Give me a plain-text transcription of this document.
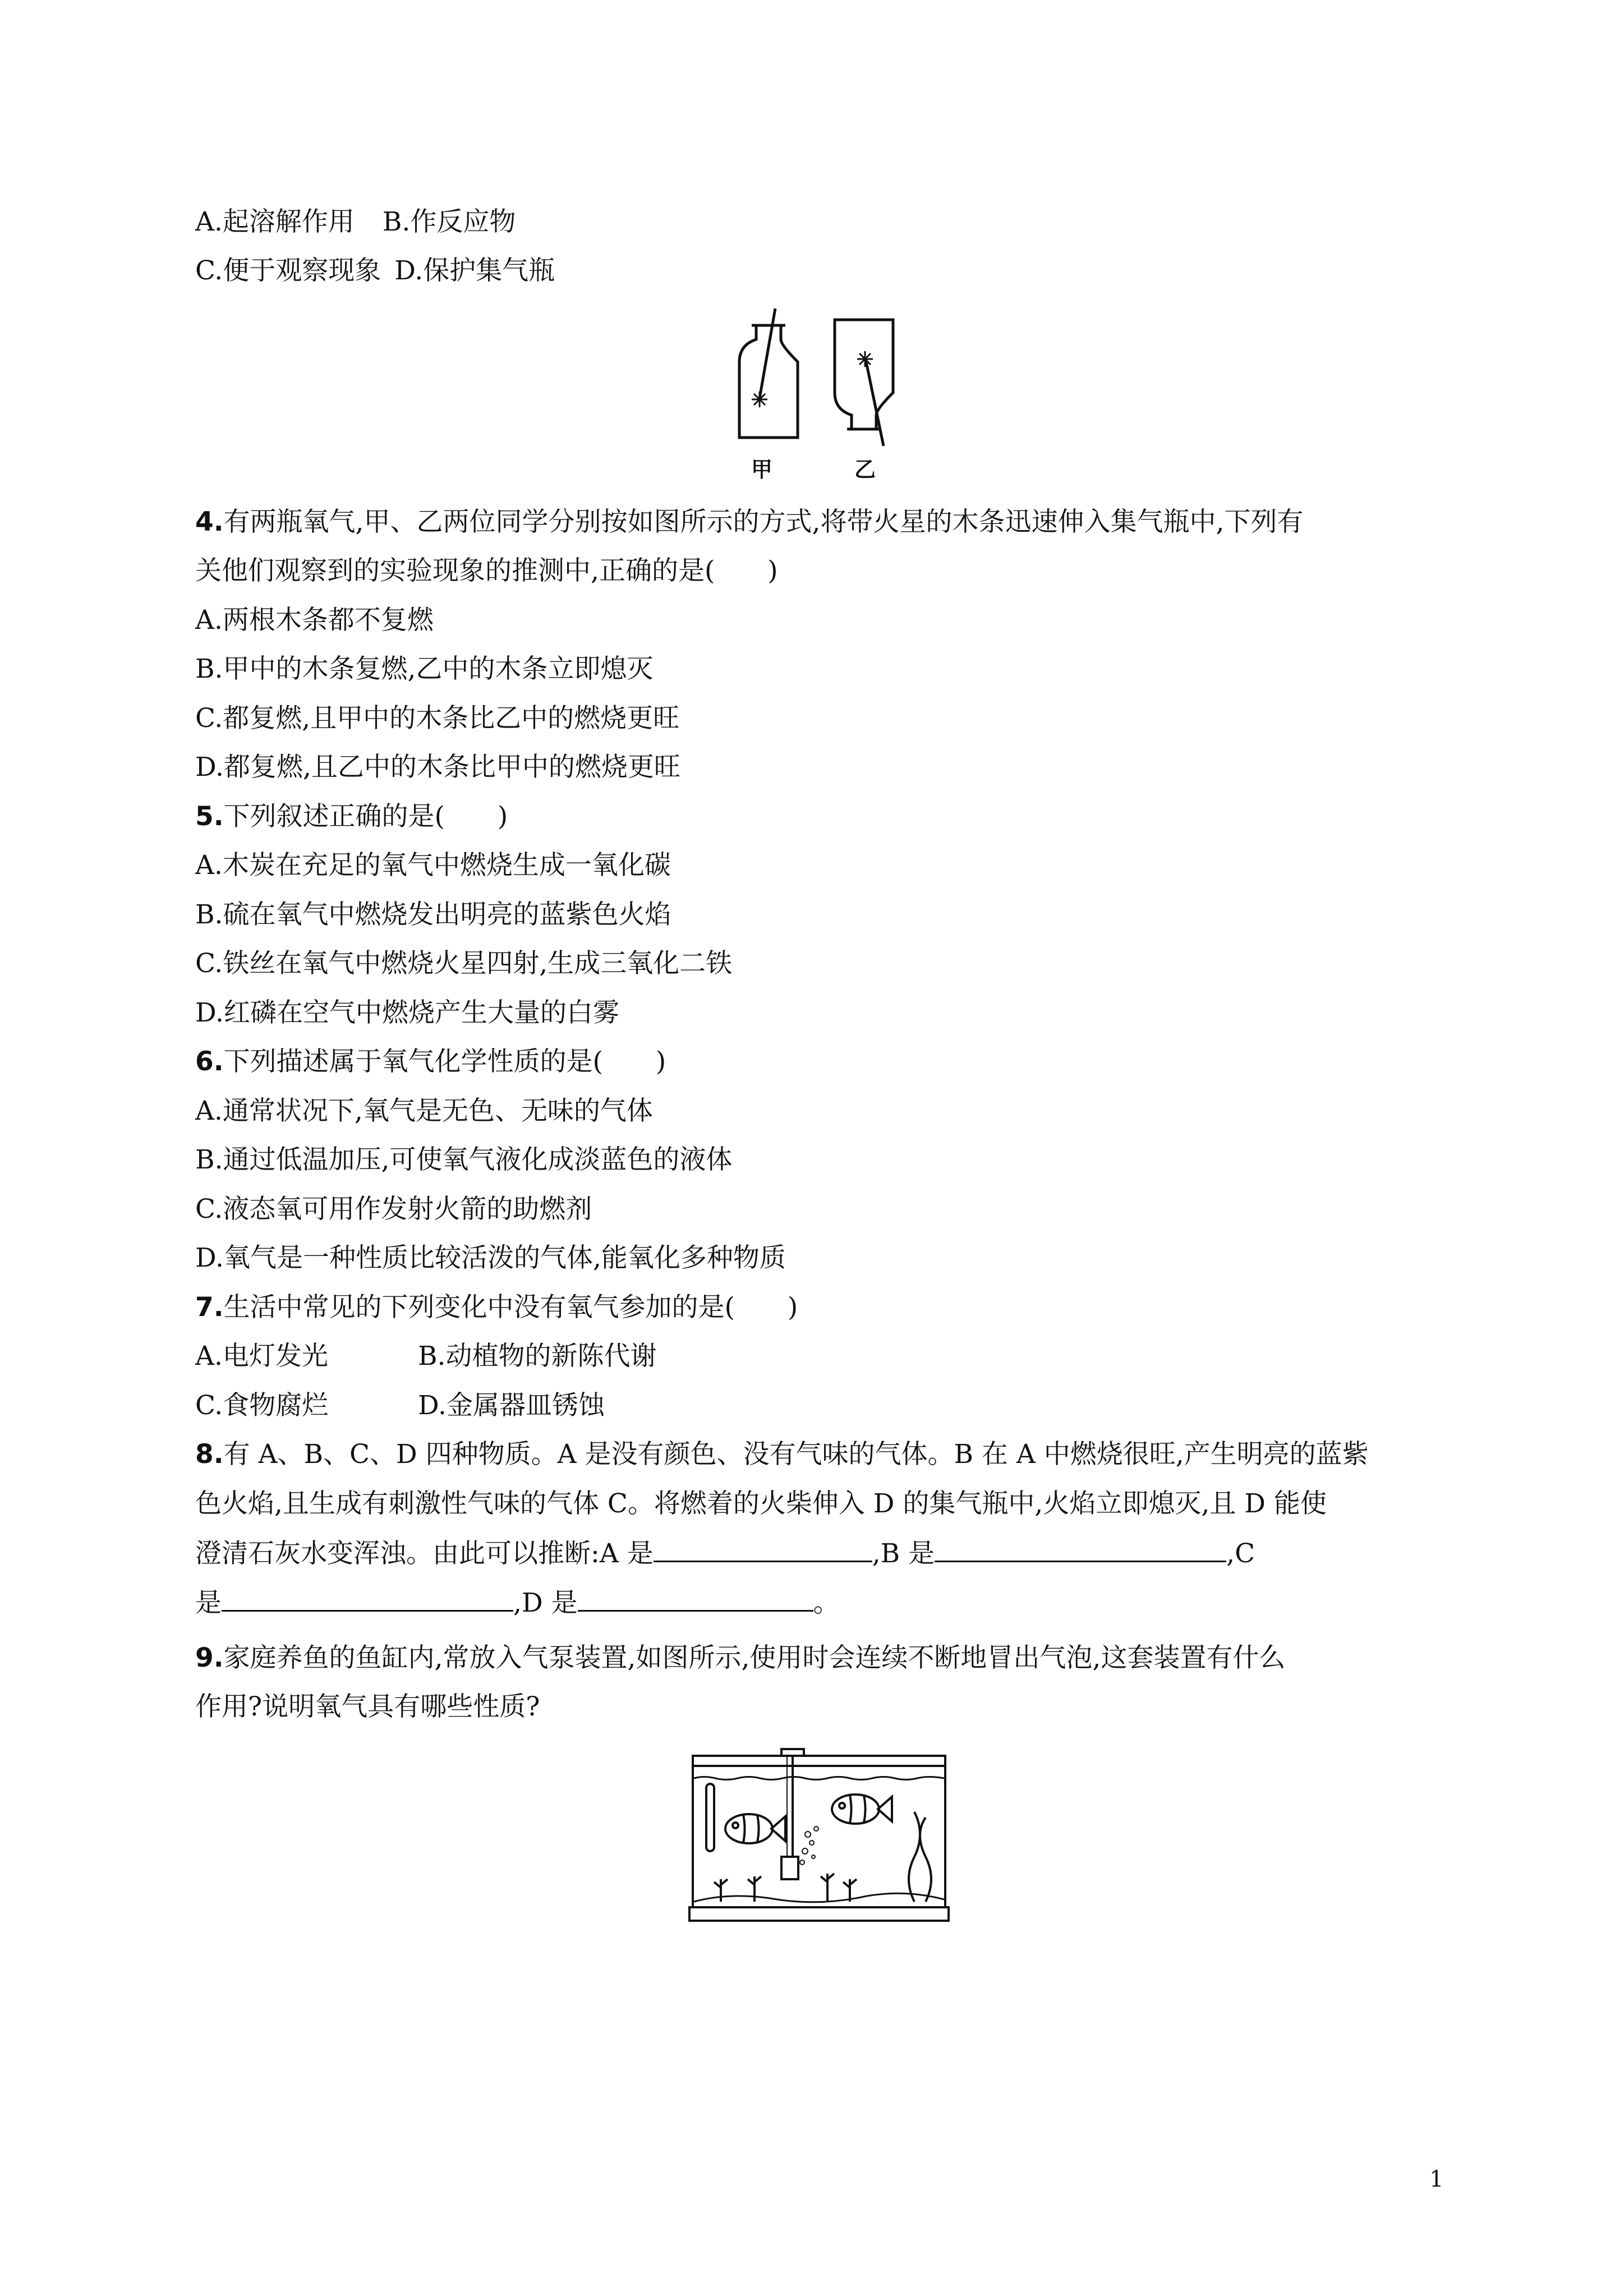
A.起溶解作用 B.作反应物
C.便于观察现象 D.保护集气瓶
甲	乙
4.有两瓶氧气,甲、乙两位同学分别按如图所示的方式,将带火星的木条迅速伸入集气瓶中,下列有
关他们观察到的实验现象的推测中,正确的是(　　)
A.两根木条都不复燃
B.甲中的木条复燃,乙中的木条立即熄灭
C.都复燃,且甲中的木条比乙中的燃烧更旺
D.都复燃,且乙中的木条比甲中的燃烧更旺
5.下列叙述正确的是(　　)
A.木炭在充足的氧气中燃烧生成一氧化碳
B.硫在氧气中燃烧发出明亮的蓝紫色火焰
C.铁丝在氧气中燃烧火星四射,生成三氧化二铁
D.红磷在空气中燃烧产生大量的白雾
6.下列描述属于氧气化学性质的是(　　)
A.通常状况下,氧气是无色、无味的气体
B.通过低温加压,可使氧气液化成淡蓝色的液体
C.液态氧可用作发射火箭的助燃剂
D.氧气是一种性质比较活泼的气体,能氧化多种物质
7.生活中常见的下列变化中没有氧气参加的是(　　)
A.电灯发光	B.动植物的新陈代谢
C.食物腐烂	D.金属器皿锈蚀
8.有 A、B、C、D 四种物质。A 是没有颜色、没有气味的气体。B 在 A 中燃烧很旺,产生明亮的蓝紫
色火焰,且生成有刺激性气味的气体 C。将燃着的火柴伸入 D 的集气瓶中,火焰立即熄灭,且 D 能使
澄清石灰水变浑浊。由此可以推断:A 是	,B 是	,C
是	,D 是	。
9.家庭养鱼的鱼缸内,常放入气泵装置,如图所示,使用时会连续不断地冒出气泡,这套装置有什么
作用?说明氧气具有哪些性质?
1
